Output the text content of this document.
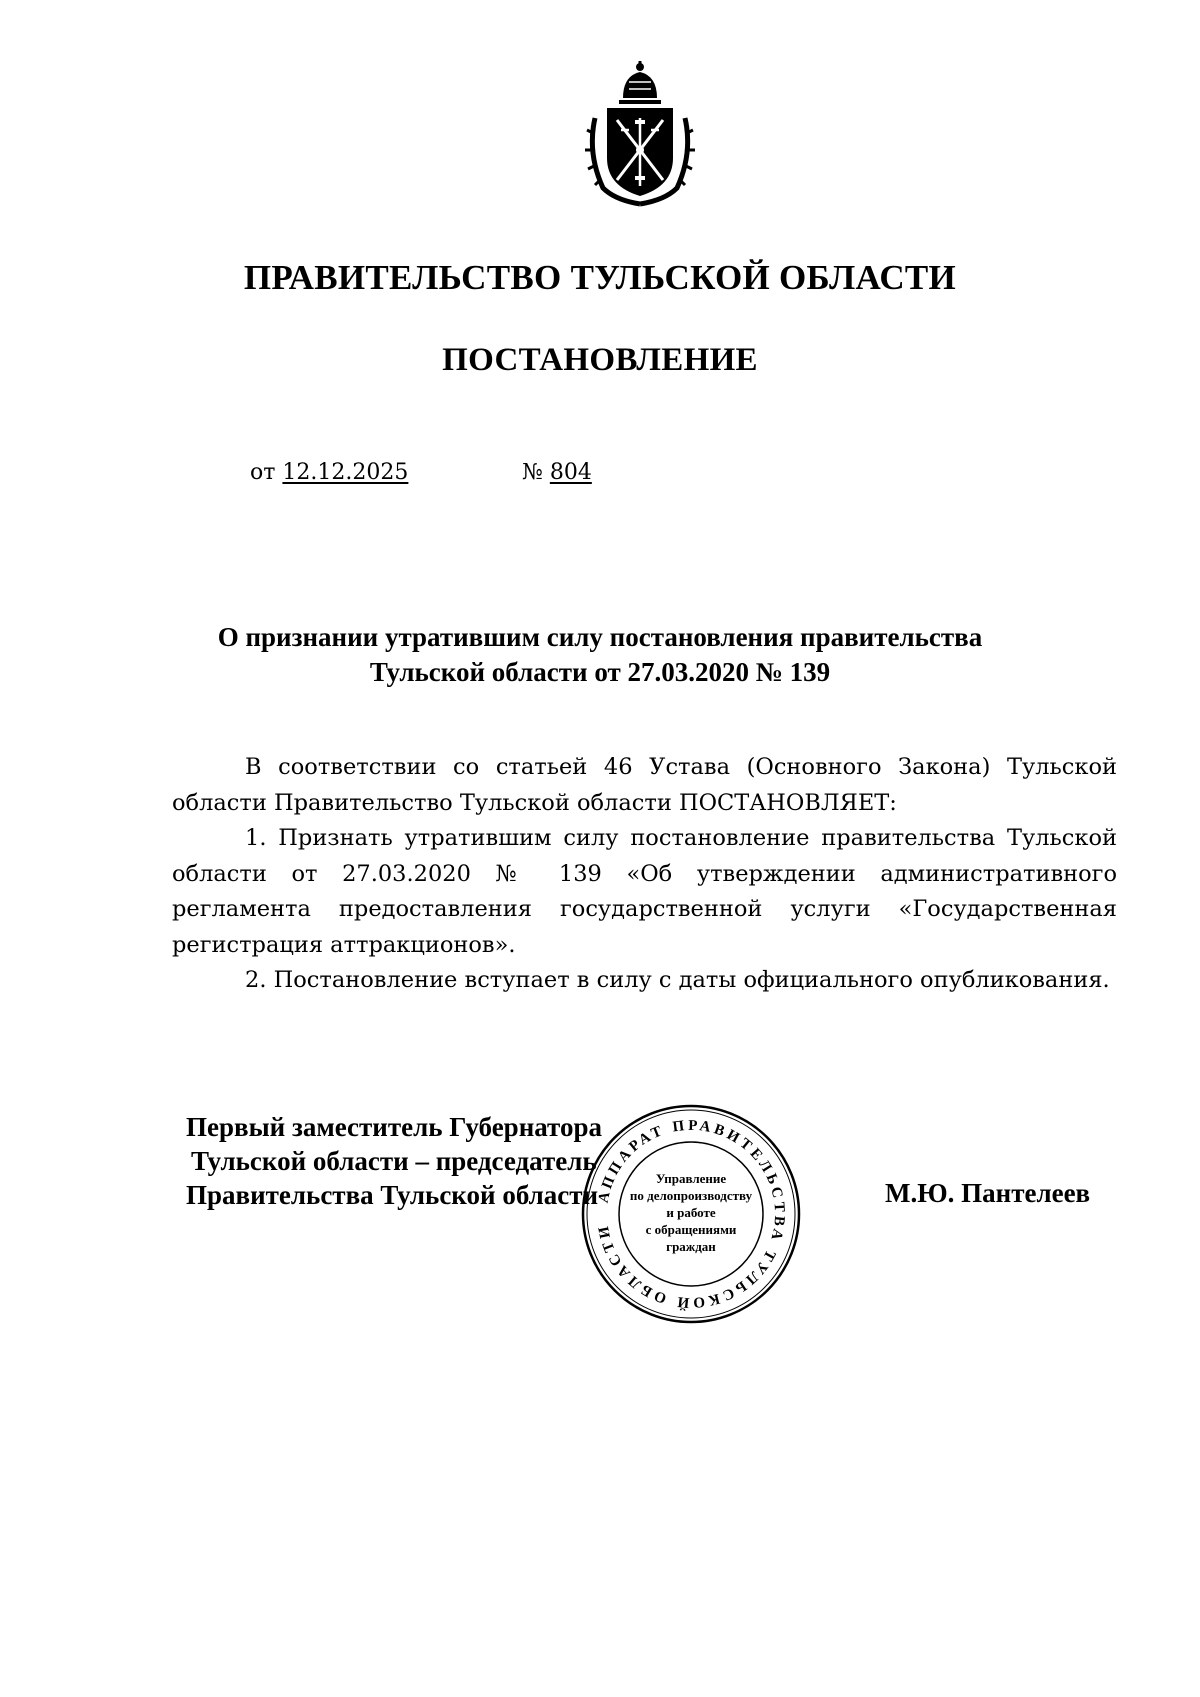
ПРАВИТЕЛЬСТВО ТУЛЬСКОЙ ОБЛАСТИ
ПОСТАНОВЛЕНИЕ
от 12.12.2025	№ 804
О признании утратившим силу постановления правительства
Тульской области от 27.03.2020 № 139

В соответствии со статьей 46 Устава (Основного Закона) Тульской области Правительство Тульской области ПОСТАНОВЛЯЕТ:

1. Признать утратившим силу постановление правительства Тульской области от 27.03.2020 № 139 «Об утверждении административного регламента предоставления государственной услуги «Государственная регистрация аттракционов».

2. Постановление вступает в силу с даты официального опубликования.

Первый заместитель Губернатора
Тульской области – председатель
Правительства Тульской области	М.Ю. Пантелеев
АППАРАТ ПРАВИТЕЛЬСТВА ТУЛЬСКОЙ ОБЛАСТИ
Управление
по делопроизводству
и работе
с обращениями
граждан
